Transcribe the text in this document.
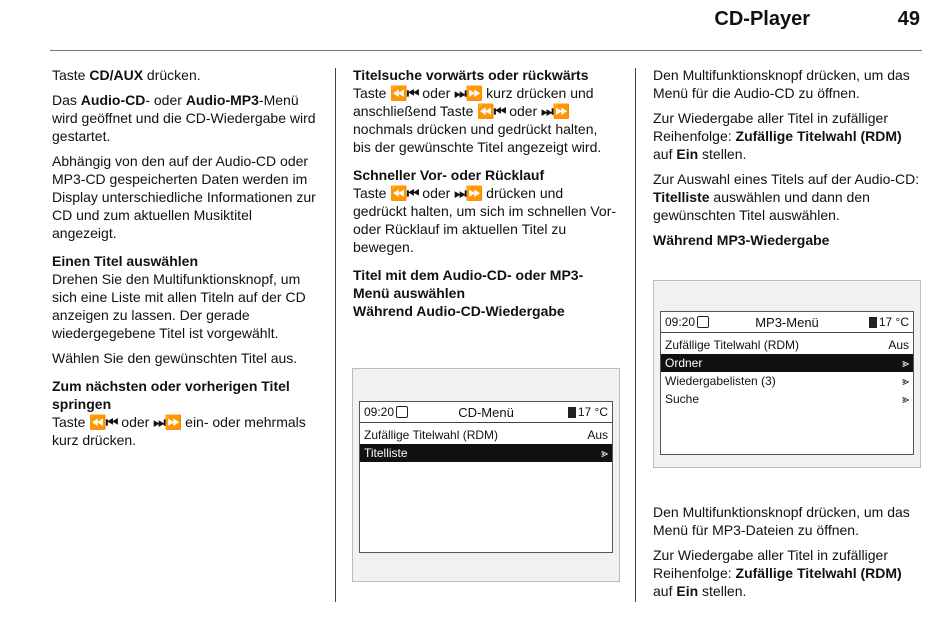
CD-Player	49

Taste CD/AUX drücken.

Das Audio-CD- oder Audio-MP3-Menü wird geöffnet und die CD-Wiedergabe wird gestartet.

Abhängig von den auf der Audio-CD oder MP3-CD gespeicherten Daten werden im Display unterschiedliche Informationen zur CD und zum aktuellen Musiktitel angezeigt.

Einen Titel auswählen

Drehen Sie den Multifunktionsknopf, um sich eine Liste mit allen Titeln auf der CD anzeigen zu lassen. Der gerade wiedergegebene Titel ist vorgewählt.

Wählen Sie den gewünschten Titel aus.

Zum nächsten oder vorherigen Titel springen

Taste ⏪⏮ oder ⏭⏩ ein- oder mehrmals kurz drücken.

Titelsuche vorwärts oder rückwärts

Taste ⏪⏮ oder ⏭⏩ kurz drücken und anschließend Taste ⏪⏮ oder ⏭⏩ nochmals drücken und gedrückt halten, bis der gewünschte Titel angezeigt wird.

Schneller Vor- oder Rücklauf

Taste ⏪⏮ oder ⏭⏩ drücken und gedrückt halten, um sich im schnellen Vor- oder Rücklauf im aktuellen Titel zu bewegen.

Titel mit dem Audio-CD- oder MP3-Menü auswählen
Während Audio-CD-Wiedergabe
09:20	CD-Menü	17 °C
Zufällige Titelwahl (RDM)	Aus
Titelliste	⪢

Den Multifunktionsknopf drücken, um das Menü für die Audio-CD zu öffnen.

Zur Wiedergabe aller Titel in zufälliger Reihenfolge: Zufällige Titelwahl (RDM) auf Ein stellen.

Zur Auswahl eines Titels auf der Audio-CD: Titelliste auswählen und dann den gewünschten Titel auswählen.

Während MP3-Wiedergabe
09:20	MP3-Menü	17 °C
Zufällige Titelwahl (RDM)	Aus
Ordner	⪢
Wiedergabelisten (3)	⪢
Suche	⪢

Den Multifunktionsknopf drücken, um das Menü für MP3-Dateien zu öffnen.

Zur Wiedergabe aller Titel in zufälliger Reihenfolge: Zufällige Titelwahl (RDM) auf Ein stellen.
